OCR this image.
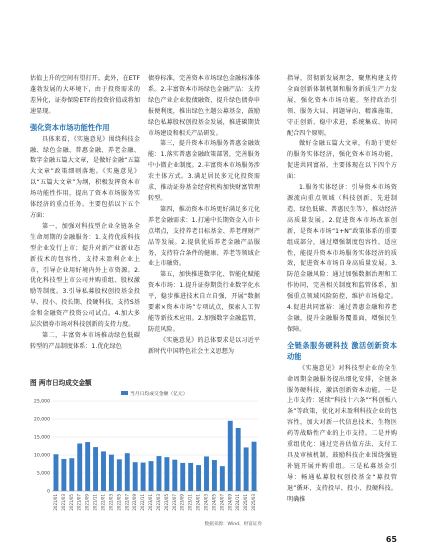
估值上升的空间有望打开。此外，在ETF蓬勃发展的大环境下，由于投资需求的差异化，证券保险ETF的投资价值或将加速显现。

强化资本市场功能性作用

具体来看，《实施意见》围绕科技金融、绿色金融、普惠金融、养老金融、数字金融五篇大文章，是做好金融“五篇大文章”政策细则落地。《实施意见》以“五篇大文章”为纲，积极发挥资本市场功能性作用，提出了资本市场服务实体经济的重点任务。主要包括以下五个方面：

第一，加强对科技型企业全链条全生命周期的金融服务：1.支持优质科技型企业发行上市；提升对新产业新业态新技术的包容性，支持未盈利企业上市，引导企业用好境内外上市资源。2.优化科技型上市公司并购重组、股权激励等制度。3.引导私募股权创投基金投早、投小、投长期、投硬科技，支持S基金和金融资产投资公司试点。4.加大多层次债券市场对科技创新的支持力度。

第二，丰富资本市场推动绿色低碳转型的产品制度体系：1.优化绿色

债券标准，完善资本市场绿色金融标准体系。2.丰富资本市场绿色金融产品：支持绿色产业企业股债融资，提升绿色债券申报便利度，推出绿色主题公募基金，鼓励绿色私募股权创投基金发展，推进碳期货市场建设和相关产品研发。

第三，提升资本市场服务普惠金融效能：1.落实普惠金融政策部署，完善服务中小微企业制度。2.丰富资本市场服务涉农主体方式。3.满足居民多元化投资需求，推动证券基金经营机构加快财富管理转型。

第四，推动资本市场更好满足多元化养老金融需求：1.打通中长期资金入市卡点堵点，支持养老目标基金、养老理财产品等发展。2.提供优质养老金融产品服务，支持符合条件的健康、养老等领域企业上市融资。

第五，加快推进数字化、智能化赋能资本市场：1.提升证券期货行业数字化水平，稳步推进技术自立自强，开展“数据要素×资本市场”专项试点，探索人工智能等新技术应用。2.加强数字金融监管，防范风险。

《实施意见》的总体要求是以习近平新时代中国特色社会主义思想为

指导，贯彻新发展理念，聚焦构建支持全面创新体制机制和服务新质生产力发展，强化资本市场功能。坚持政治引领、服务大局、问题导向、精准施策，守正创新、稳中求进，系统集成、协同配合四个原则。

做好金融五篇大文章，有助于更好的服务实体经济，强化资本市场功能，促进共同富裕，主要体现在以下四个方面：

1.服务实体经济：引导资本市场资源流向重点领域（科技创新、先进制造、绿色低碳、普惠民生等），推动经济高质量发展。2.促进资本市场改革创新，是资本市场“1+N”政策体系的重要组成部分，通过增强制度包容性、适应性，能提升资本市场服务实体经济的质效，促进资本市场自身高质量发展。3.防范金融风险：通过加强数据治理和工作协同，完善相关制度和监管体系，加强重点领域风险防控，维护市场稳定。4.促进共同富裕：通过普惠金融和养老金融，提升金融服务覆盖面，增强民生保障。

全链条服务硬科技 激活创新资本动能

《实施意见》对科技型企业的全生命周期金融服务提出细化安排，全链条服务硬科技，激活创新资本动能。一是上市支持：延续“科技十六条”“科创板八条”等政策，优化对未盈利科技企业的包容性，加大对新一代信息技术、生物医药等战略性产业的上市支持。二是并购重组优化：通过完善估值方法、支付工具及审核机制，鼓励科技企业围绕强链补链开展并购重组。三是私募基金引导：畅通私募股权创投基金“募投管退”循环，支持投早、投小、投硬科技。明确推

图 两市日均成交金额
0
5,000
10,000
15,000
20,000
25,000
当月日均成交金额（亿元）
2021/01 2021/03 2021/05 2021/07 2021/09 2021/11 2022/01 2022/03 2022/05 2022/07 2022/09 2022/11 2023/01 2023/03 2023/05 2023/07 2023/09 2023/11 2024/01 2024/03 2024/05 2024/07 2024/09 2024/11 2025/01 2025/03
数据来源：Wind、财富证券
65
